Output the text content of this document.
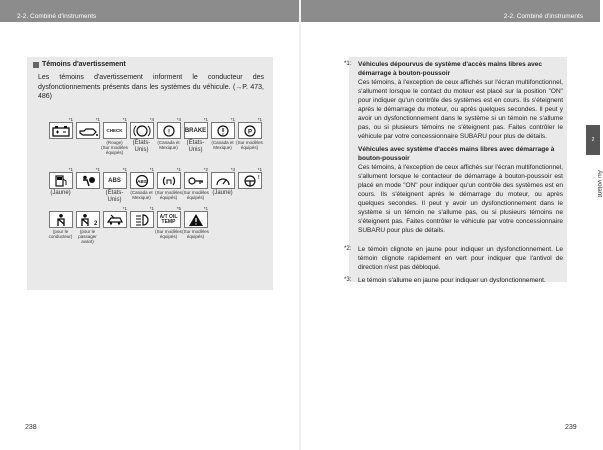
2-2. Combiné d'instruments	2-2. Combiné d'instruments
Témoins d'avertissement
Les témoins d'avertissement informent le conducteur des dysfonctionnements présents dans les systèmes du véhicule. (→P. 473, 486)
*1	*1	*1
CHECK
(Rouge)
(Sur modèles équipés)
*4
(États-Unis)
*4
!
(Canada et Mexique)
*1
BRAKE
(États-Unis)
*1
(Canada et Mexique)
*1
P
(Sur modèles équipés)
*1
(Jaune)
*1	*1
ABS
(États-Unis)
*1
ABS
(Canada et Mexique)
*1
(Sur modèles équipés)
*2
(Sur modèles équipés)
*3
(Jaune)
*1
!
(pour le conducteur)
2
(pour le passager avant)
*1	*1	*5
A/T OIL TEMP
(Sur modèles équipés)
*1
(Sur modèles équipés)
238
*1: Véhicules dépourvus de système d'accès mains libres avec démarrage à bouton-poussoir
Ces témoins, à l'exception de ceux affichés sur l'écran multifonctionnel, s'allument lorsque le contact du moteur est placé sur la position "ON" pour indiquer qu'un contrôle des systèmes est en cours. Ils s'éteignent après le démarrage du moteur, ou après quelques secondes. Il peut y avoir un dysfonctionnement dans le système si un témoin ne s'allume pas, ou si plusieurs témoins ne s'éteignent pas. Faites contrôler le véhicule par votre concessionnaire SUBARU pour plus de détails.
Véhicules avec système d'accès mains libres avec démarrage à bouton-poussoir
Ces témoins, à l'exception de ceux affichés sur l'écran multifonctionnel, s'allument lorsque le contacteur de démarrage à bouton-poussoir est placé en mode "ON" pour indiquer qu'un contrôle des systèmes est en cours. Ils s'éteignent après le démarrage du moteur, ou après quelques secondes. Il peut y avoir un dysfonctionnement dans le système si un témoin ne s'allume pas, ou si plusieurs témoins ne s'éteignent pas. Faites contrôler le véhicule par votre concessionnaire SUBARU pour plus de détails.
*2: Le témoin clignote en jaune pour indiquer un dysfonctionnement. Le témoin clignote rapidement en vert pour indiquer que l'antivol de direction n'est pas débloqué.
*3: Le témoin s'allume en jaune pour indiquer un dysfonctionnement.
2
Au volant
239
